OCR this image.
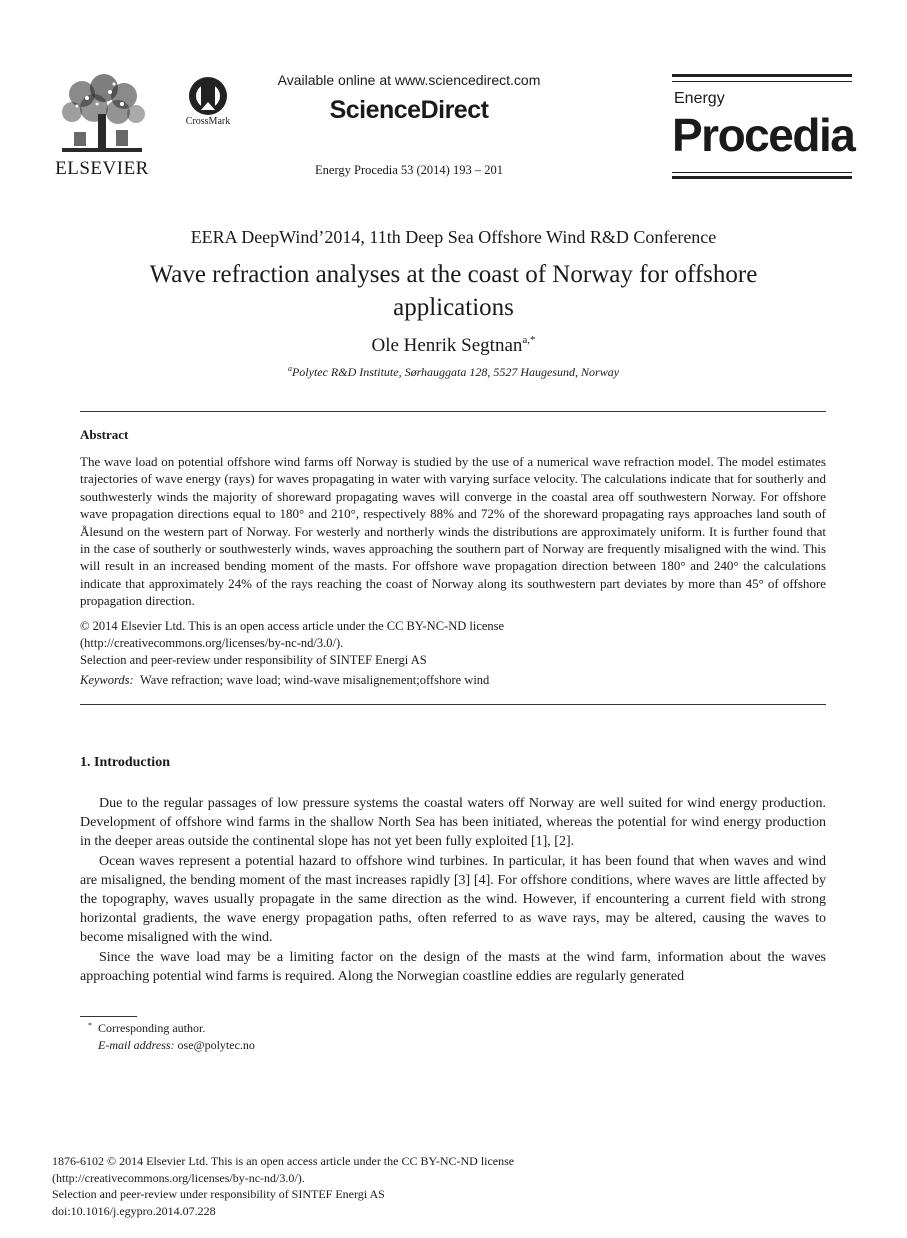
ELSEVIER
CrossMark
Available online at www.sciencedirect.com
ScienceDirect
Energy Procedia 53 (2014) 193 – 201
Energy
Procedia
EERA DeepWind’2014, 11th Deep Sea Offshore Wind R&D Conference
Wave refraction analyses at the coast of Norway for offshore applications
Ole Henrik Segtnan$^{a,*}$
$^a$Polytec R&D Institute, Sørhauggata 128, 5527 Haugesund, Norway
Abstract
The wave load on potential offshore wind farms off Norway is studied by the use of a numerical wave refraction model. The model estimates trajectories of wave energy (rays) for waves propagating in water with varying surface velocity. The calculations indicate that for southerly and southwesterly winds the majority of shoreward propagating waves will converge in the coastal area off southwestern Norway. For offshore wave propagation directions equal to 180° and 210°, respectively 88% and 72% of the shoreward propagating rays approaches land south of Ålesund on the western part of Norway. For westerly and northerly winds the distributions are approximately uniform. It is further found that in the case of southerly or southwesterly winds, waves approaching the southern part of Norway are frequently misaligned with the wind. This will result in an increased bending moment of the masts. For offshore wave propagation direction between 180° and 240° the calculations indicate that approximately 24% of the rays reaching the coast of Norway along its southwestern part deviates by more than 45° of offshore propagation direction.
© 2014 Elsevier Ltd. This is an open access article under the CC BY-NC-ND license
(http://creativecommons.org/licenses/by-nc-nd/3.0/).
Selection and peer-review under responsibility of SINTEF Energi AS
Keywords: Wave refraction; wave load; wind-wave misalignement;offshore wind
1. Introduction

Due to the regular passages of low pressure systems the coastal waters off Norway are well suited for wind energy production. Development of offshore wind farms in the shallow North Sea has been initiated, whereas the potential for wind energy production in the deeper areas outside the continental slope has not yet been fully exploited [1], [2].

Ocean waves represent a potential hazard to offshore wind turbines. In particular, it has been found that when waves and wind are misaligned, the bending moment of the mast increases rapidly [3] [4]. For offshore conditions, where waves are little affected by the topography, waves usually propagate in the same direction as the wind. However, if encountering a current field with strong horizontal gradients, the wave energy propagation paths, often referred to as wave rays, may be altered, causing the waves to become misaligned with the wind.

Since the wave load may be a limiting factor on the design of the masts at the wind farm, information about the waves approaching potential wind farms is required. Along the Norwegian coastline eddies are regularly generated

* Corresponding author.
E-mail address: ose@polytec.no
1876-6102 © 2014 Elsevier Ltd. This is an open access article under the CC BY-NC-ND license
(http://creativecommons.org/licenses/by-nc-nd/3.0/).
Selection and peer-review under responsibility of SINTEF Energi AS
doi:10.1016/j.egypro.2014.07.228
